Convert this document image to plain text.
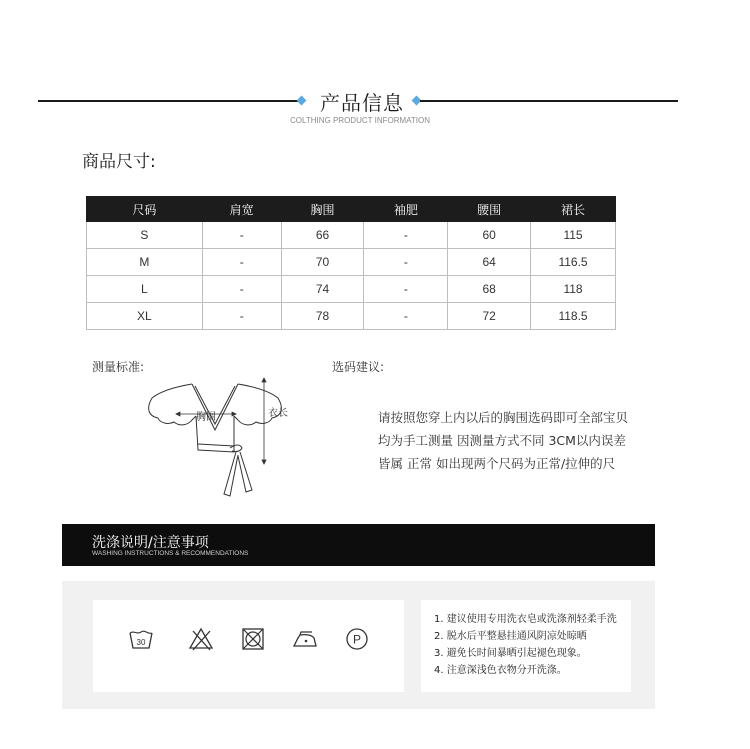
产品信息
COLTHING PRODUCT INFORMATION
商品尺寸:
尺码	肩宽	胸围	袖肥	腰围	裙长
S	-	66	-	60	115
M	-	70	-	64	116.5
L	-	74	-	68	118
XL	-	78	-	72	118.5
测量标准:	选码建议:
胸围	衣长	请按照您穿上内以后的胸围选码即可全部宝贝

均为手工测量 因测量方式不同 3CM以内误差

皆属 正常 如出现两个尺码为正常/拉伸的尺

洗涤说明/注意事项
WASHING INSTRUCTIONS & RECOMMENDATIONS
30	P
1. 建议使用专用洗衣皂或洗涤剂轻柔手洗
2. 脱水后平整悬挂通风阴凉处晾晒
3. 避免长时间暴晒引起褪色现象。
4. 注意深浅色衣物分开洗涤。
